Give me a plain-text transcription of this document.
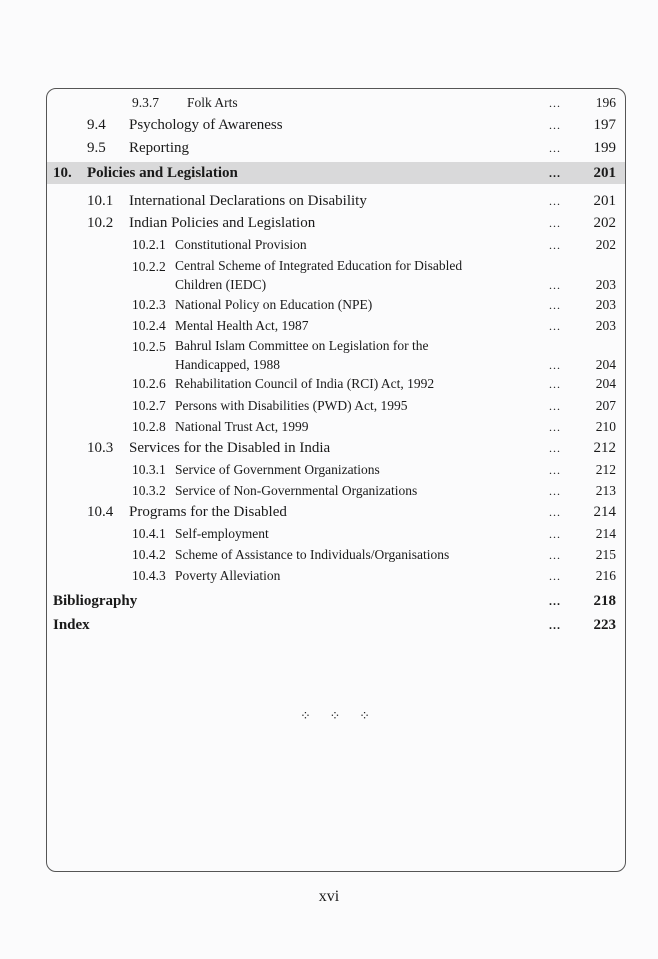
9.3.7 Folk Arts	...	196
9.4 Psychology of Awareness	... 197
9.5 Reporting	... 199
10. Policies and Legislation	... 201
10.1 International Declarations on Disability	... 201
10.2 Indian Policies and Legislation	... 202
10.2.1 Constitutional Provision	...	202
10.2.2 Central Scheme of Integrated Education for Disabled Children (IEDC)	...	203
10.2.3 National Policy on Education (NPE)	...	203
10.2.4 Mental Health Act, 1987	...	203
10.2.5 Bahrul Islam Committee on Legislation for the Handicapped, 1988	...	204
10.2.6 Rehabilitation Council of India (RCI) Act, 1992	...	204
10.2.7 Persons with Disabilities (PWD) Act, 1995	...	207
10.2.8 National Trust Act, 1999	...	210
10.3 Services for the Disabled in India	... 212
10.3.1 Service of Government Organizations	...	212
10.3.2 Service of Non-Governmental Organizations	...	213
10.4 Programs for the Disabled	... 214
10.4.1 Self-employment	...	214
10.4.2 Scheme of Assistance to Individuals/Organisations	...	215
10.4.3 Poverty Alleviation	...	216
Bibliography	... 218
Index	... 223
⁘ ⁘ ⁘
xvi
